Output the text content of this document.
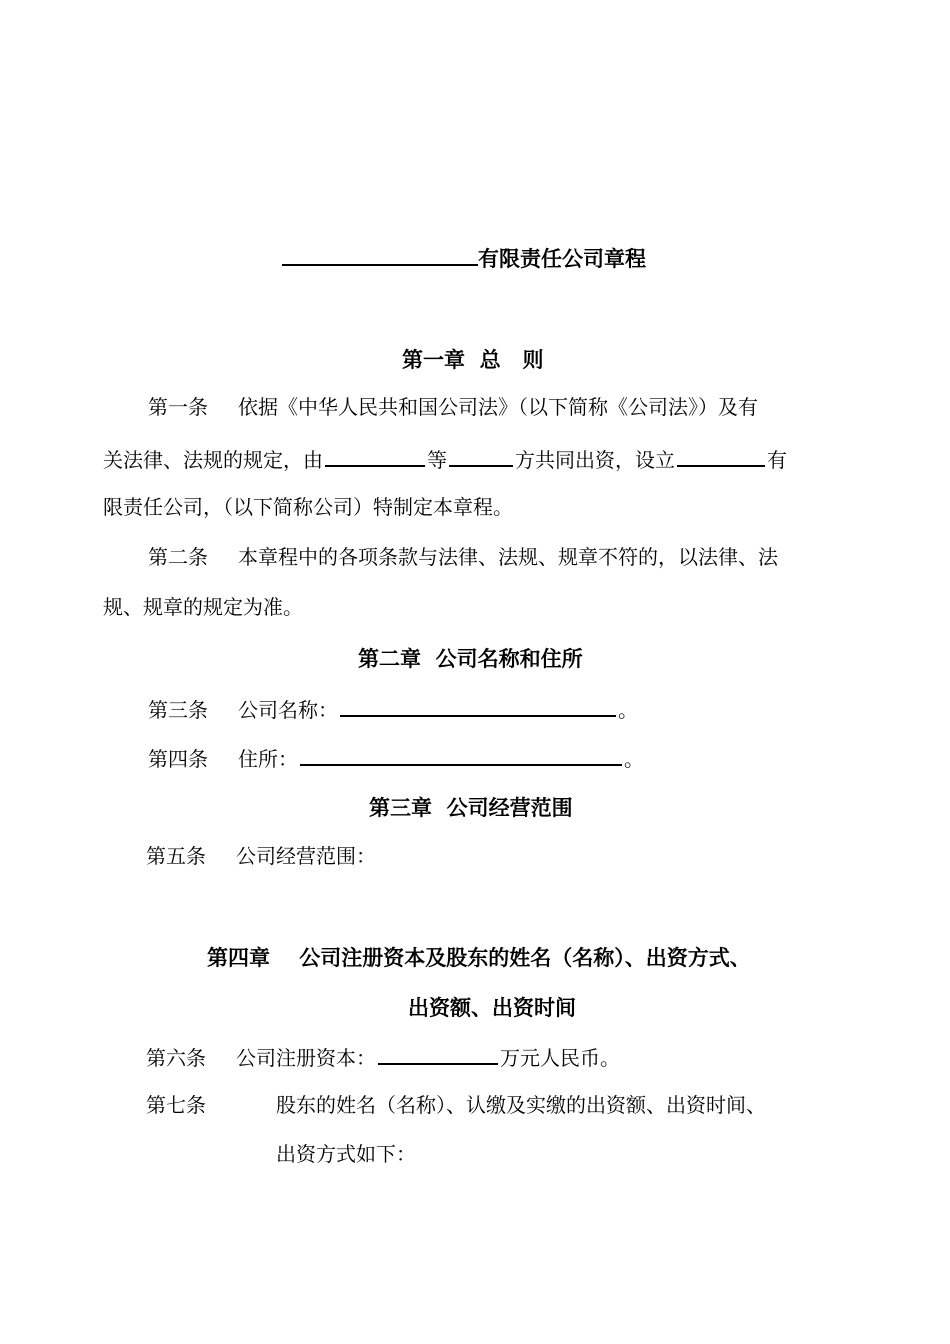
有限责任公司章程
第一章  总   则
第一条	依据《中华人民共和国公司法》（以下简称《公司法》）及有
关法律、法规的规定，由	等	方共同出资，设立	有
限责任公司，（以下简称公司）特制定本章程。
第二条	本章程中的各项条款与法律、法规、规章不符的，以法律、法
规、规章的规定为准。
第二章  公司名称和住所
第三条	公司名称：	。
第四条	住所：	。
第三章  公司经营范围
第五条	公司经营范围：
第四章    公司注册资本及股东的姓名（名称）、出资方式、
出资额、出资时间
第六条	公司注册资本：	万元人民币。
第七条	股东的姓名（名称）、认缴及实缴的出资额、出资时间、
出资方式如下：
